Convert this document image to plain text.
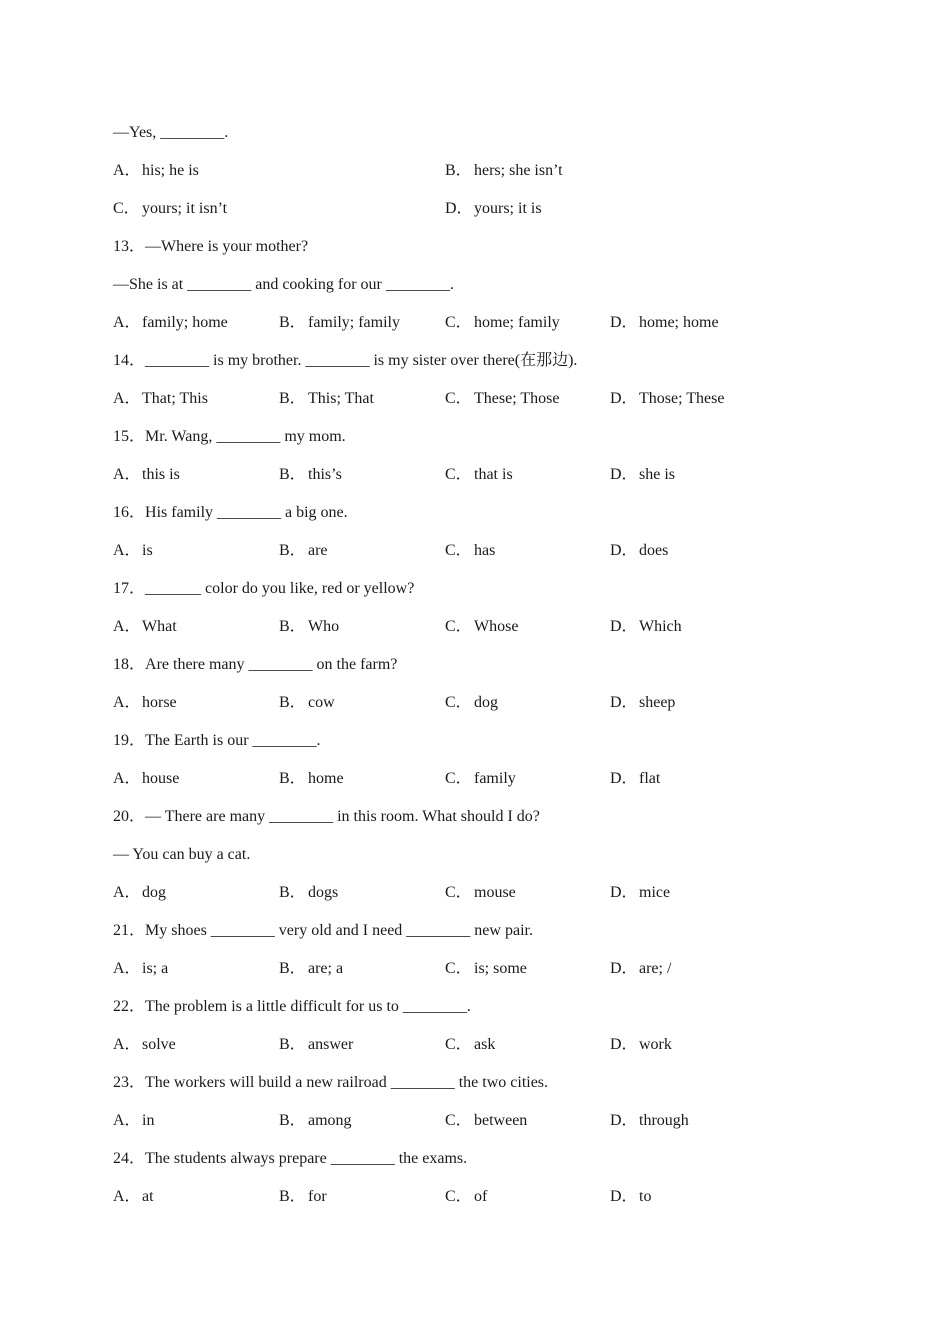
—Yes, ________.
A．his; he is	B． hers; she isn’t
C． yours; it isn’t	D．yours; it is
13．—Where is your mother?
—She is at ________ and cooking for our ________.
A．family; home	B． family; family	C． home; family	D．home; home
14．________ is my brother. ________ is my sister over there(在那边).
A．That; This	B． This; That	C． These; Those	D．Those; These
15．Mr. Wang, ________ my mom.
A．this is	B． this’s	C． that is	D．she is
16．His family ________ a big one.
A．is	B． are	C． has	D．does
17．_______ color do you like, red or yellow?
A．What	B． Who	C． Whose	D．Which
18．Are there many ________ on the farm?
A．horse	B． cow	C． dog	D．sheep
19．The Earth is our ________.
A．house	B． home	C． family	D．flat
20．— There are many ________ in this room. What should I do?
— You can buy a cat.
A．dog	B． dogs	C． mouse	D．mice
21．My shoes ________ very old and I need ________ new pair.
A．is; a	B． are; a	C． is; some	D．are; /
22．The problem is a little difficult for us to ________.
A．solve	B． answer	C． ask	D．work
23．The workers will build a new railroad ________ the two cities.
A．in	B． among	C． between	D．through
24．The students always prepare ________ the exams.
A．at	B． for	C． of	D．to
